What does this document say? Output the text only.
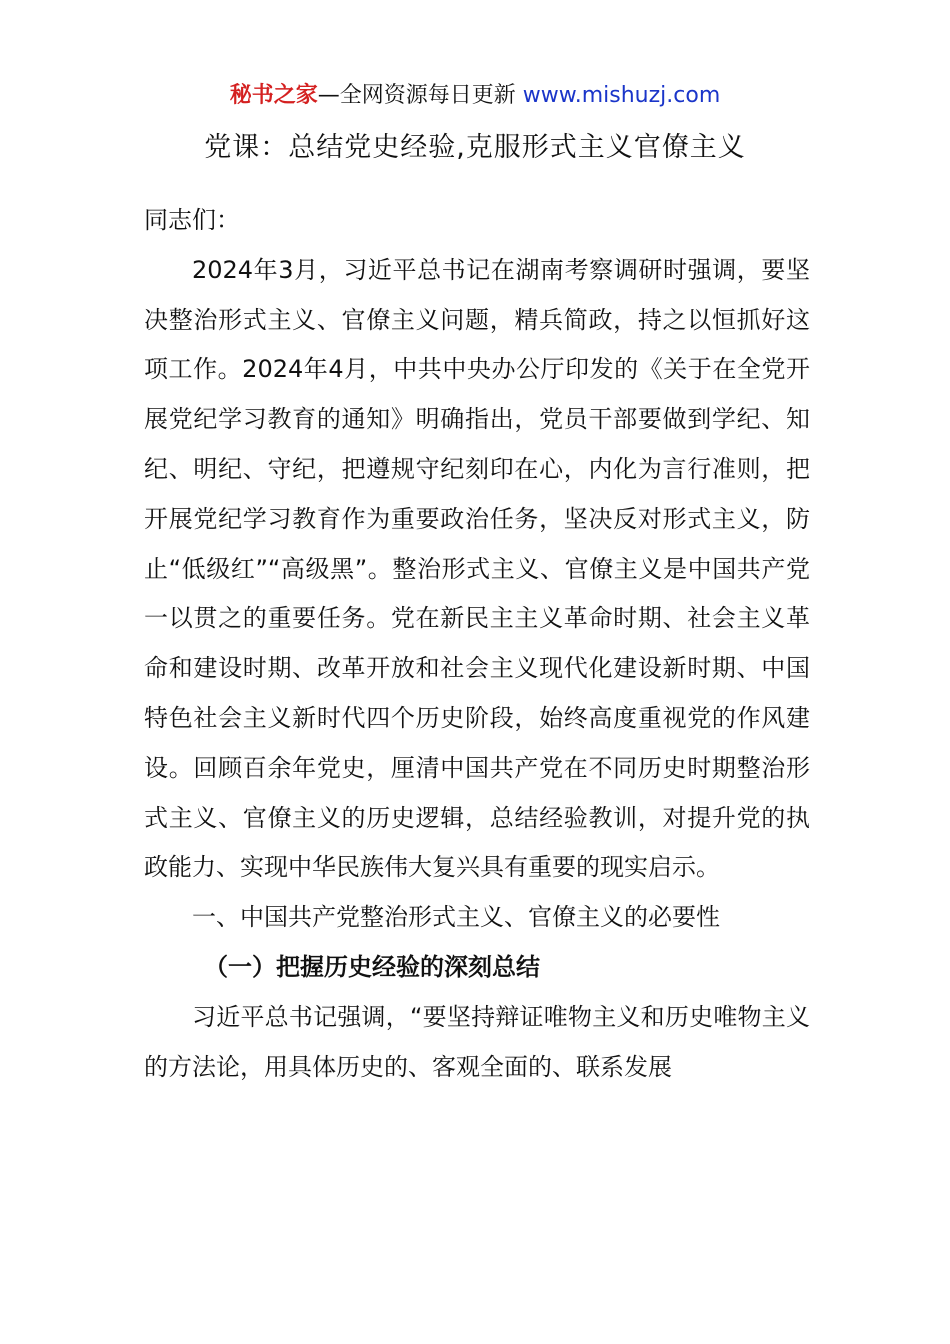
秘书之家—全网资源每日更新 www.mishuzj.com
党课：总结党史经验,克服形式主义官僚主义

同志们：

2024年3月，习近平总书记在湖南考察调研时强调，要坚决整治形式主义、官僚主义问题，精兵简政，持之以恒抓好这项工作。2024年4月，中共中央办公厅印发的《关于在全党开展党纪学习教育的通知》明确指出，党员干部要做到学纪、知纪、明纪、守纪，把遵规守纪刻印在心，内化为言行准则，把开展党纪学习教育作为重要政治任务，坚决反对形式主义，防止“低级红”“高级黑”。整治形式主义、官僚主义是中国共产党一以贯之的重要任务。党在新民主主义革命时期、社会主义革命和建设时期、改革开放和社会主义现代化建设新时期、中国特色社会主义新时代四个历史阶段，始终高度重视党的作风建设。回顾百余年党史，厘清中国共产党在不同历史时期整治形式主义、官僚主义的历史逻辑，总结经验教训，对提升党的执政能力、实现中华民族伟大复兴具有重要的现实启示。

一、中国共产党整治形式主义、官僚主义的必要性

（一）把握历史经验的深刻总结

习近平总书记强调，“要坚持辩证唯物主义和历史唯物主义的方法论，用具体历史的、客观全面的、联系发展
